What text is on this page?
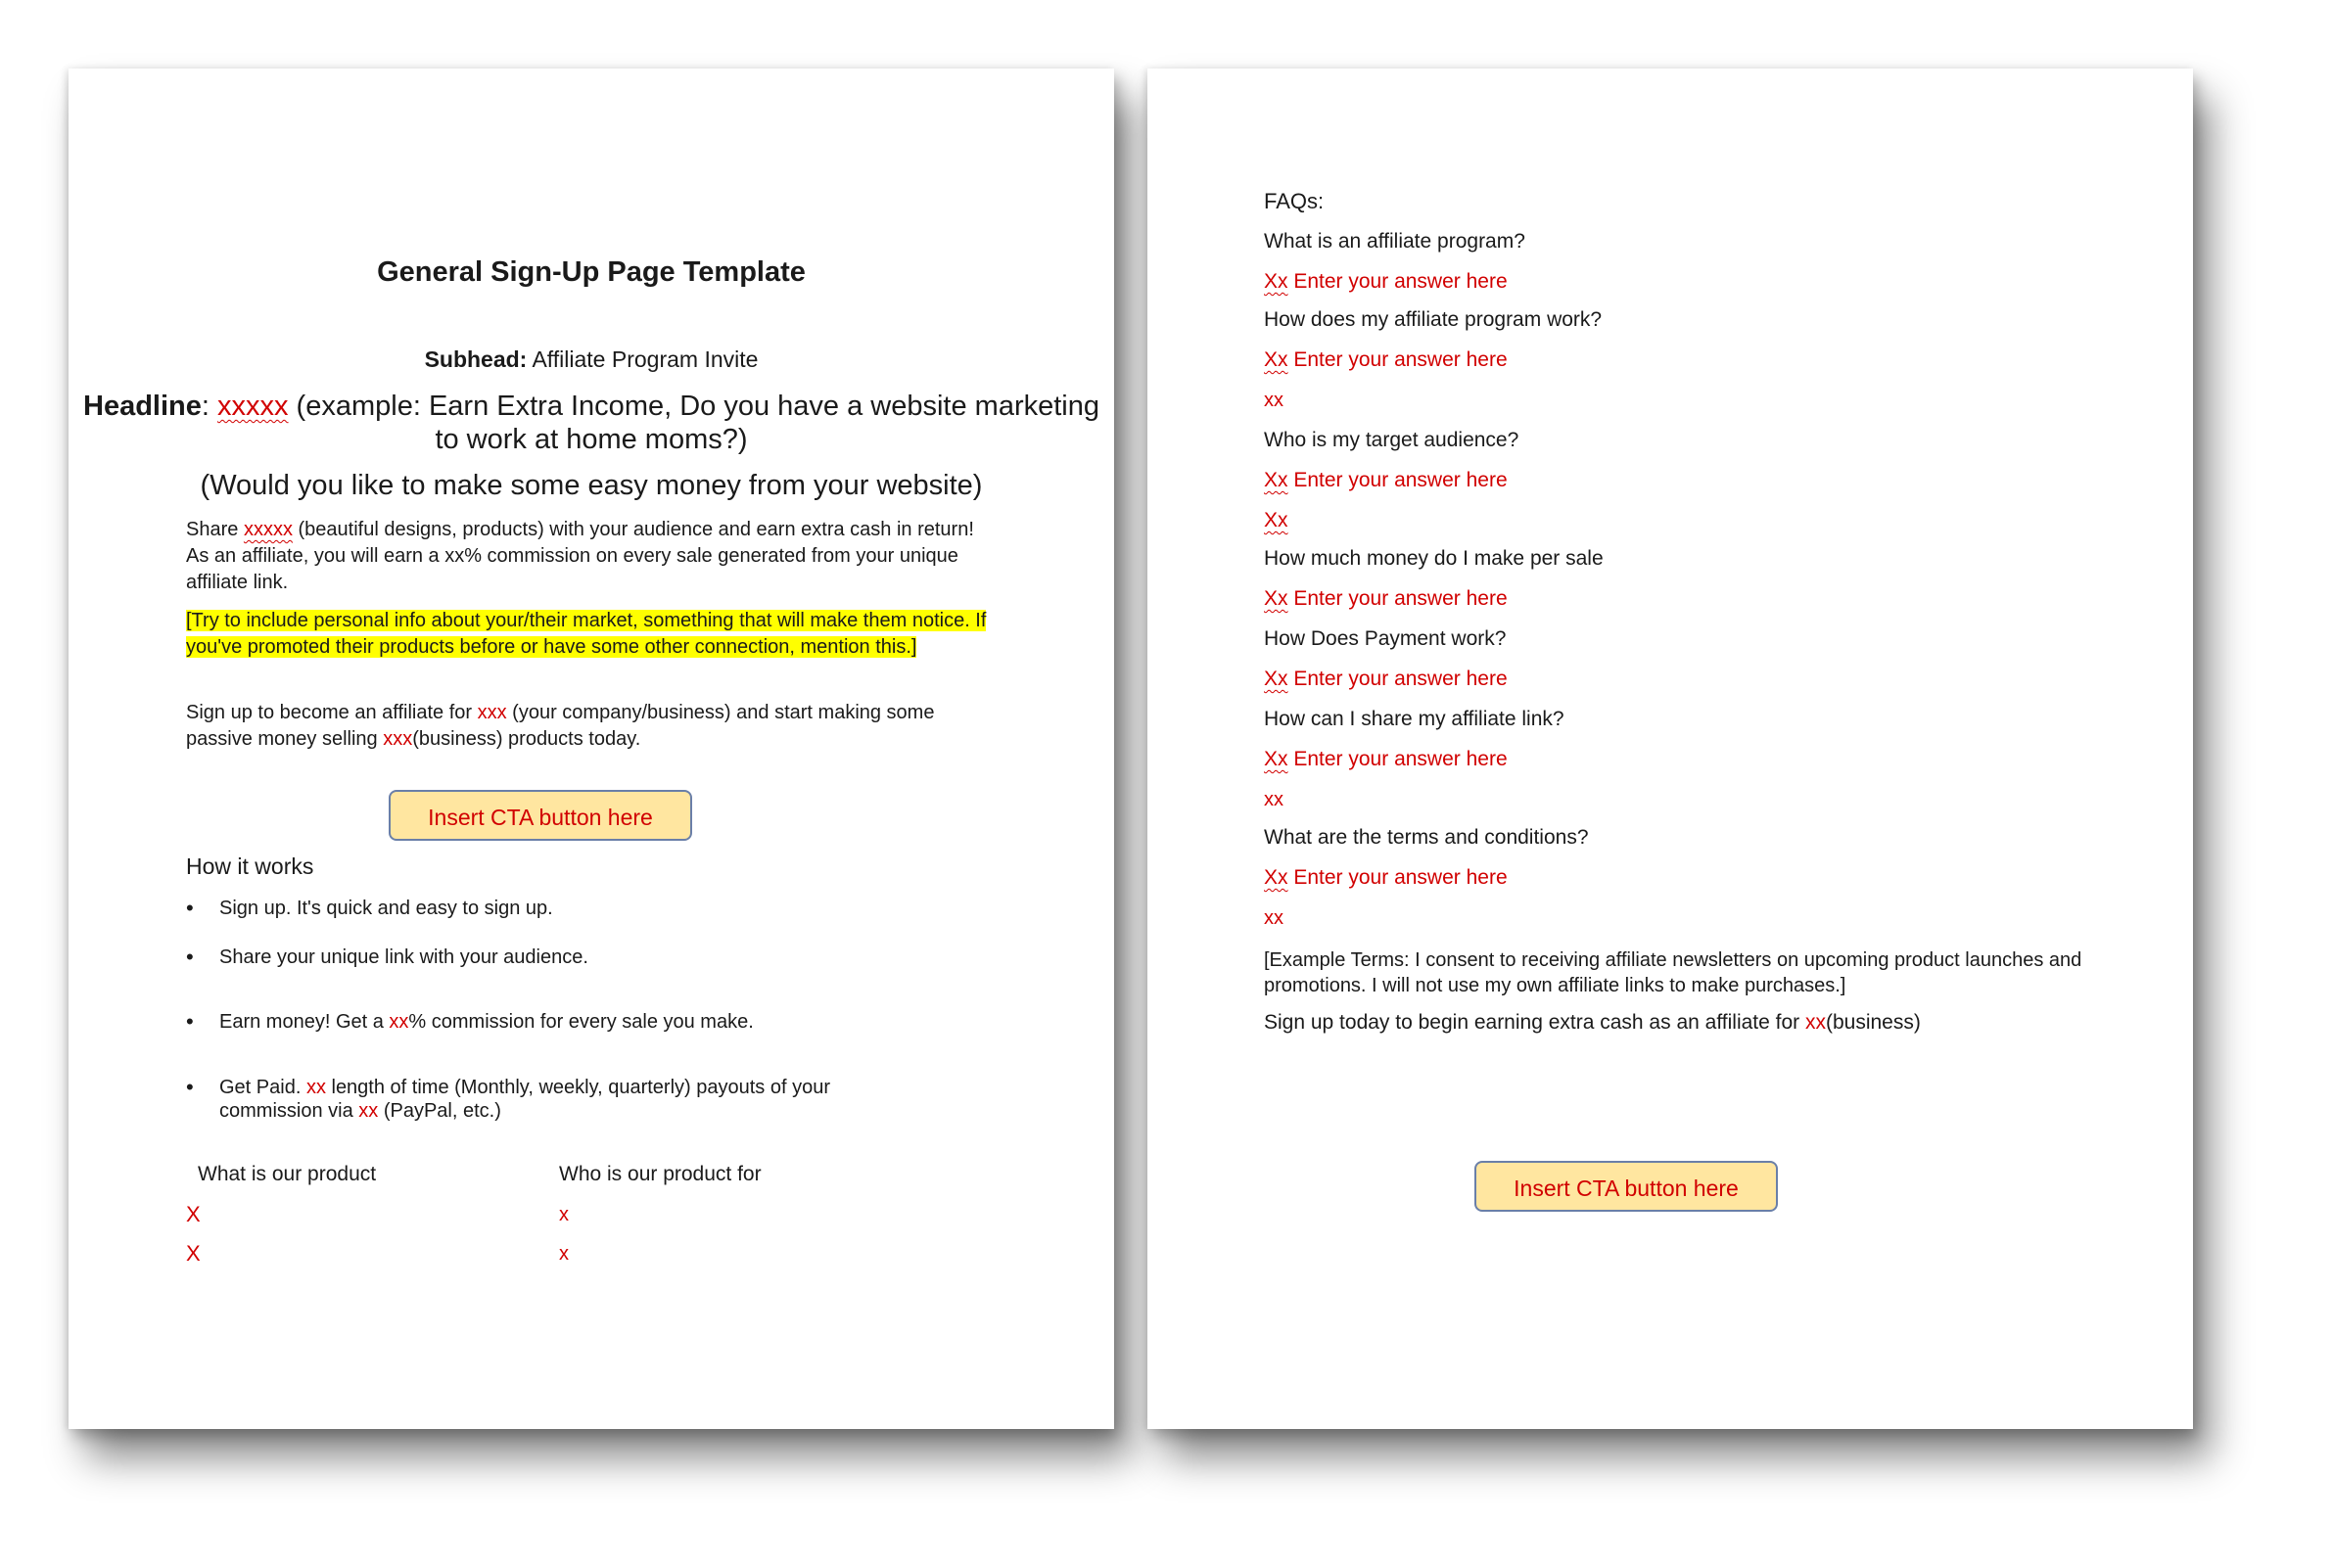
General Sign-Up Page Template
Subhead: Affiliate Program Invite
Headline: xxxxx (example: Earn Extra Income, Do you have a website marketing to work at home moms?)
(Would you like to make some easy money from your website)
Share xxxxx (beautiful designs, products) with your audience and earn extra cash in return! As an affiliate, you will earn a xx% commission on every sale generated from your unique affiliate link.
[Try to include personal info about your/their market, something that will make them notice. If you've promoted their products before or have some other connection, mention this.]
Sign up to become an affiliate for xxx (your company/business) and start making some passive money selling xxx(business) products today.
Insert CTA button here
How it works
• Sign up. It's quick and easy to sign up.
• Share your unique link with your audience.
• Earn money! Get a xx% commission for every sale you make.
• Get Paid. xx length of time (Monthly, weekly, quarterly) payouts of your commission via xx (PayPal, etc.)
What is our product	Who is our product for
X
X
x
x
FAQs:
What is an affiliate program?
Xx Enter your answer here
How does my affiliate program work?
Xx Enter your answer here
xx
Who is my target audience?
Xx Enter your answer here
Xx
How much money do I make per sale
Xx Enter your answer here
How Does Payment work?
Xx Enter your answer here
How can I share my affiliate link?
Xx Enter your answer here
xx
What are the terms and conditions?
Xx Enter your answer here
xx
[Example Terms: I consent to receiving affiliate newsletters on upcoming product launches and promotions. I will not use my own affiliate links to make purchases.]
Sign up today to begin earning extra cash as an affiliate for xx(business)
Insert CTA button here
